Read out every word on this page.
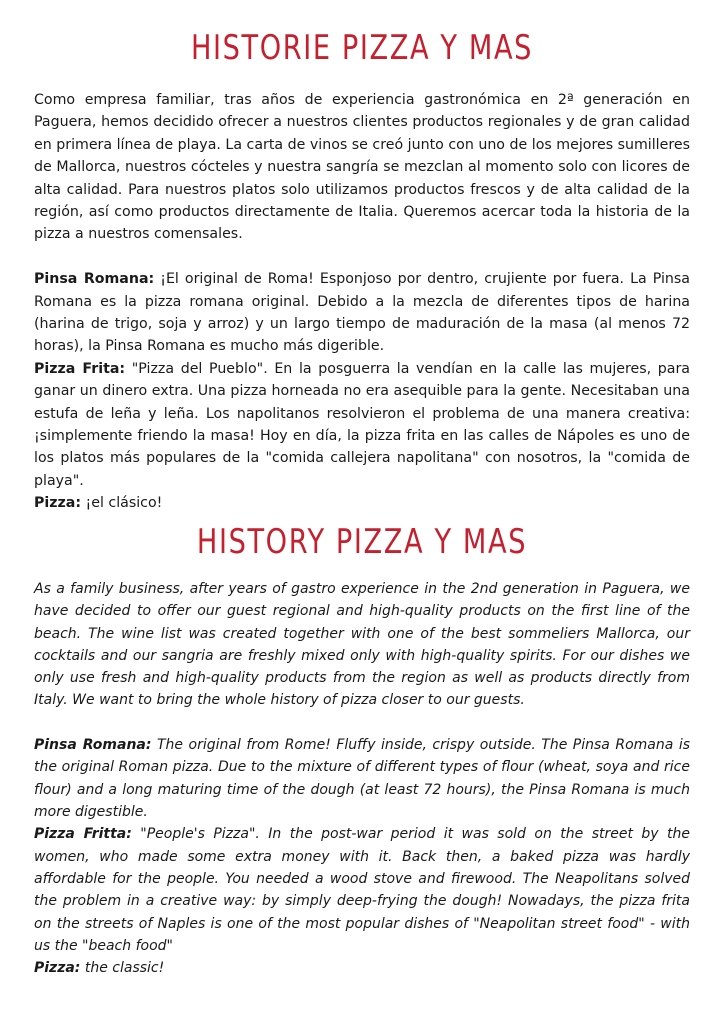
HISTORIE PIZZA Y MAS

Como empresa familiar, tras años de experiencia gastronómica en 2ª generación en Paguera, hemos decidido ofrecer a nuestros clientes productos regionales y de gran calidad en primera línea de playa. La carta de vinos se creó junto con uno de los mejores sumilleres de Mallorca, nuestros cócteles y nuestra sangría se mezclan al momento solo con licores de alta calidad. Para nuestros platos solo utilizamos productos frescos y de alta calidad de la región, así como productos directamente de Italia. Queremos acercar toda la historia de la pizza a nuestros comensales.

Pinsa Romana: ¡El original de Roma! Esponjoso por dentro, crujiente por fuera. La Pinsa Romana es la pizza romana original. Debido a la mezcla de diferentes tipos de harina (harina de trigo, soja y arroz) y un largo tiempo de maduración de la masa (al menos 72 horas), la Pinsa Romana es mucho más digerible.

Pizza Frita: "Pizza del Pueblo". En la posguerra la vendían en la calle las mujeres, para ganar un dinero extra. Una pizza horneada no era asequible para la gente. Necesitaban una estufa de leña y leña. Los napolitanos resolvieron el problema de una manera creativa: ¡simplemente friendo la masa! Hoy en día, la pizza frita en las calles de Nápoles es uno de los platos más populares de la "comida callejera napolitana" con nosotros, la "comida de playa".

Pizza: ¡el clásico!

HISTORY PIZZA Y MAS

As a family business, after years of gastro experience in the 2nd generation in Paguera, we have decided to offer our guest regional and high-quality products on the first line of the beach. The wine list was created together with one of the best sommeliers Mallorca, our cocktails and our sangria are freshly mixed only with high-quality spirits. For our dishes we only use fresh and high-quality products from the region as well as products directly from Italy. We want to bring the whole history of pizza closer to our guests.

Pinsa Romana: The original from Rome! Fluffy inside, crispy outside. The Pinsa Romana is the original Roman pizza. Due to the mixture of different types of flour (wheat, soya and rice flour) and a long maturing time of the dough (at least 72 hours), the Pinsa Romana is much more digestible.

Pizza Fritta: "People's Pizza". In the post-war period it was sold on the street by the women, who made some extra money with it. Back then, a baked pizza was hardly affordable for the people. You needed a wood stove and firewood. The Neapolitans solved the problem in a creative way: by simply deep-frying the dough! Nowadays, the pizza frita on the streets of Naples is one of the most popular dishes of "Neapolitan street food" - with us the "beach food"

Pizza: the classic!
